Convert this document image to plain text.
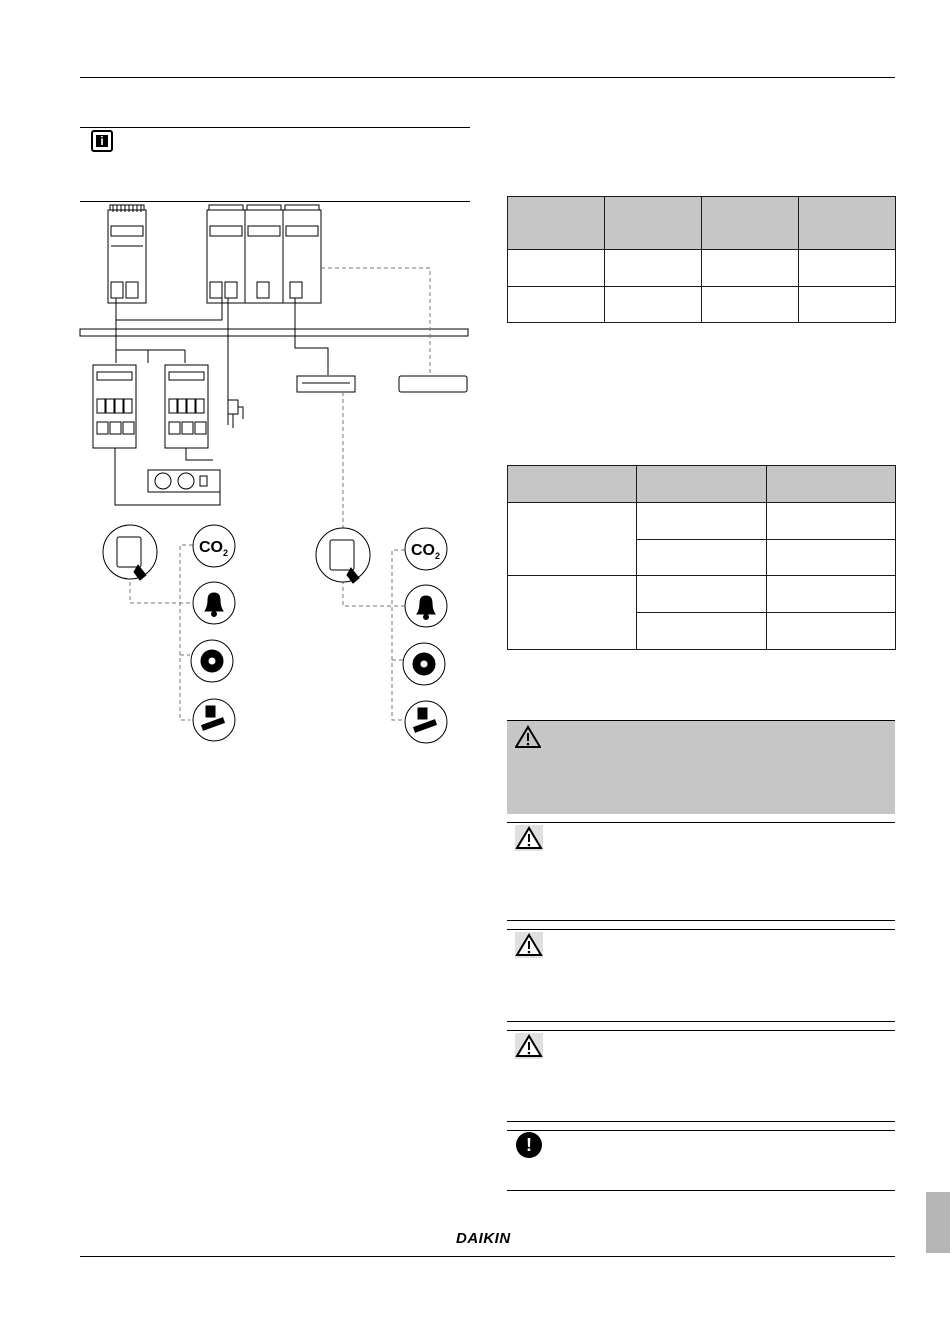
i
CO 2	CO 2

!
DAIKIN
